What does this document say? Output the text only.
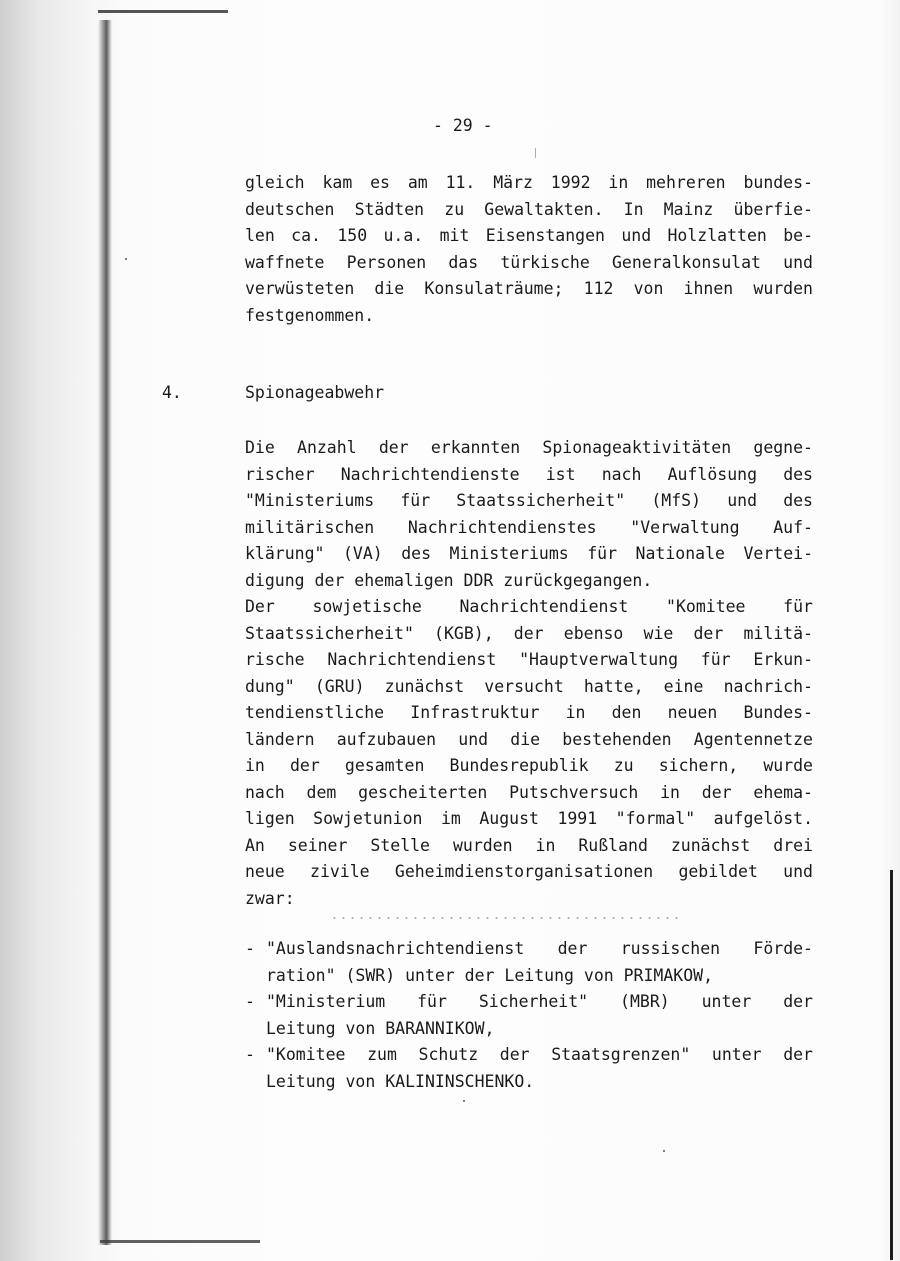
- 29 -
gleich kam es am 11. März 1992 in mehreren bundes-
deutschen Städten zu Gewaltakten. In Mainz überfie-
len ca. 150 u.a. mit Eisenstangen und Holzlatten be-
waffnete Personen das türkische Generalkonsulat und
verwüsteten die Konsulaträume; 112 von ihnen wurden
festgenommen.
4.	Spionageabwehr
Die Anzahl der erkannten Spionageaktivitäten gegne-
rischer Nachrichtendienste ist nach Auflösung des
"Ministeriums für Staatssicherheit" (MfS) und des
militärischen Nachrichtendienstes "Verwaltung Auf-
klärung" (VA) des Ministeriums für Nationale Vertei-
digung der ehemaligen DDR zurückgegangen.
Der sowjetische Nachrichtendienst "Komitee für
Staatssicherheit" (KGB), der ebenso wie der militä-
rische Nachrichtendienst "Hauptverwaltung für Erkun-
dung" (GRU) zunächst versucht hatte, eine nachrich-
tendienstliche Infrastruktur in den neuen Bundes-
ländern aufzubauen und die bestehenden Agentennetze
in der gesamten Bundesrepublik zu sichern, wurde
nach dem gescheiterten Putschversuch in der ehema-
ligen Sowjetunion im August 1991 "formal" aufgelöst.
An seiner Stelle wurden in Rußland zunächst drei
neue zivile Geheimdienstorganisationen gebildet und
zwar:
- "Auslandsnachrichtendienst der russischen Förde-
ration" (SWR) unter der Leitung von PRIMAKOW,
- "Ministerium für Sicherheit" (MBR) unter der
Leitung von BARANNIKOW,
- "Komitee zum Schutz der Staatsgrenzen" unter der
Leitung von KALININSCHENKO.
